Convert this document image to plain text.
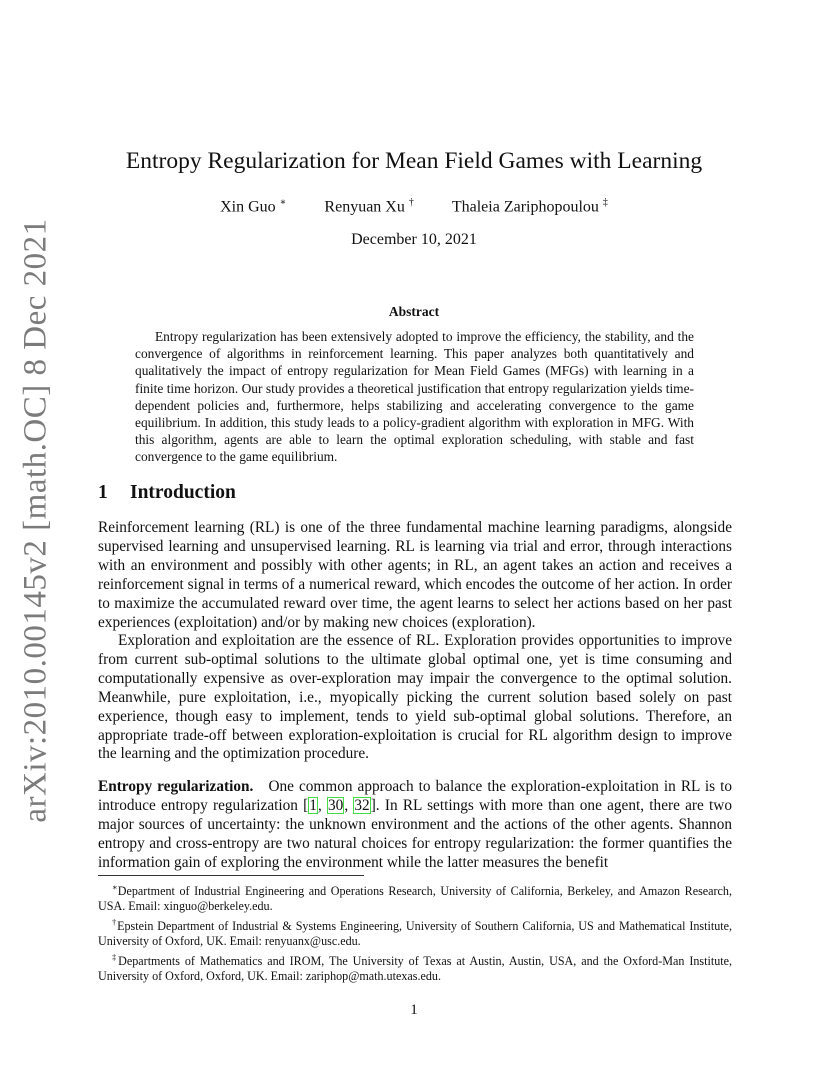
arXiv:2010.00145v2 [math.OC] 8 Dec 2021
Entropy Regularization for Mean Field Games with Learning
Xin Guo ∗ Renyuan Xu † Thaleia Zariphopoulou ‡
December 10, 2021
Abstract

Entropy regularization has been extensively adopted to improve the efficiency, the stability, and the convergence of algorithms in reinforcement learning. This paper analyzes both quantitatively and qualitatively the impact of entropy regularization for Mean Field Games (MFGs) with learning in a finite time horizon. Our study provides a theoretical justification that entropy regularization yields time-dependent policies and, furthermore, helps stabilizing and accelerating convergence to the game equilibrium. In addition, this study leads to a policy-gradient algorithm with exploration in MFG. With this algorithm, agents are able to learn the optimal exploration scheduling, with stable and fast convergence to the game equilibrium.

1 Introduction

Reinforcement learning (RL) is one of the three fundamental machine learning paradigms, alongside supervised learning and unsupervised learning. RL is learning via trial and error, through interactions with an environment and possibly with other agents; in RL, an agent takes an action and receives a reinforcement signal in terms of a numerical reward, which encodes the outcome of her action. In order to maximize the accumulated reward over time, the agent learns to select her actions based on her past experiences (exploitation) and/or by making new choices (exploration).

Exploration and exploitation are the essence of RL. Exploration provides opportunities to improve from current sub-optimal solutions to the ultimate global optimal one, yet is time consuming and computationally expensive as over-exploration may impair the convergence to the optimal solution. Meanwhile, pure exploitation, i.e., myopically picking the current solution based solely on past experience, though easy to implement, tends to yield sub-optimal global solutions. Therefore, an appropriate trade-off between exploration-exploitation is crucial for RL algorithm design to improve the learning and the optimization procedure.

Entropy regularization. One common approach to balance the exploration-exploitation in RL is to introduce entropy regularization [1, 30, 32]. In RL settings with more than one agent, there are two major sources of uncertainty: the unknown environment and the actions of the other agents. Shannon entropy and cross-entropy are two natural choices for entropy regularization: the former quantifies the information gain of exploring the environment while the latter measures the benefit

∗Department of Industrial Engineering and Operations Research, University of California, Berkeley, and Amazon Research, USA. Email: xinguo@berkeley.edu.

†Epstein Department of Industrial & Systems Engineering, University of Southern California, US and Mathematical Institute, University of Oxford, UK. Email: renyuanx@usc.edu.

‡Departments of Mathematics and IROM, The University of Texas at Austin, Austin, USA, and the Oxford-Man Institute, University of Oxford, Oxford, UK. Email: zariphop@math.utexas.edu.

1
